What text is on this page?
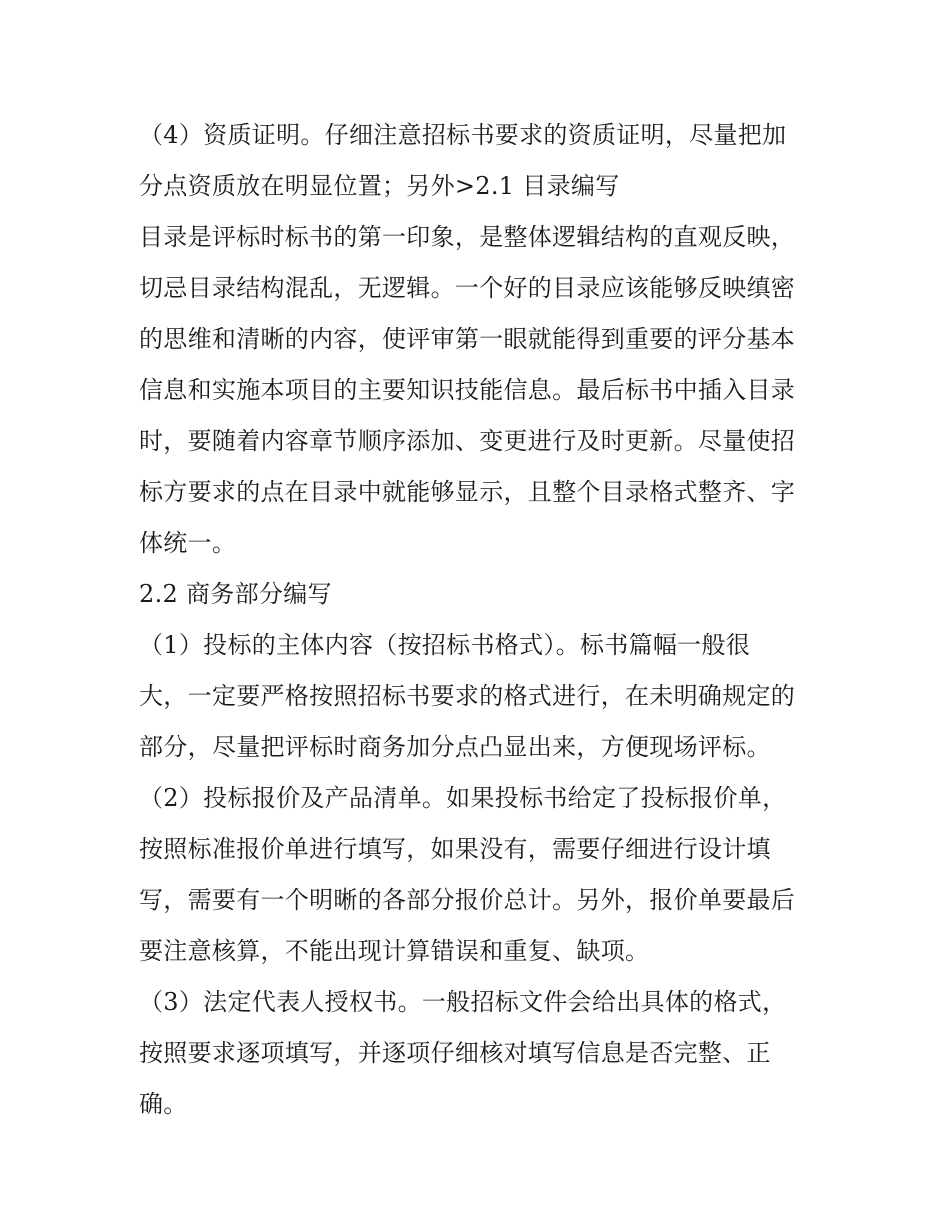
（4）资质证明。仔细注意招标书要求的资质证明，尽量把加
分点资质放在明显位置；另外>2.1 目录编写
目录是评标时标书的第一印象，是整体逻辑结构的直观反映，
切忌目录结构混乱，无逻辑。一个好的目录应该能够反映缜密
的思维和清晰的内容，使评审第一眼就能得到重要的评分基本
信息和实施本项目的主要知识技能信息。最后标书中插入目录
时，要随着内容章节顺序添加、变更进行及时更新。尽量使招
标方要求的点在目录中就能够显示，且整个目录格式整齐、字
体统一。
2.2 商务部分编写
（1）投标的主体内容（按招标书格式）。标书篇幅一般很
大，一定要严格按照招标书要求的格式进行，在未明确规定的
部分，尽量把评标时商务加分点凸显出来，方便现场评标。
（2）投标报价及产品清单。如果投标书给定了投标报价单，
按照标准报价单进行填写，如果没有，需要仔细进行设计填
写，需要有一个明晰的各部分报价总计。另外，报价单要最后
要注意核算，不能出现计算错误和重复、缺项。
（3）法定代表人授权书。一般招标文件会给出具体的格式，
按照要求逐项填写，并逐项仔细核对填写信息是否完整、正
确。
